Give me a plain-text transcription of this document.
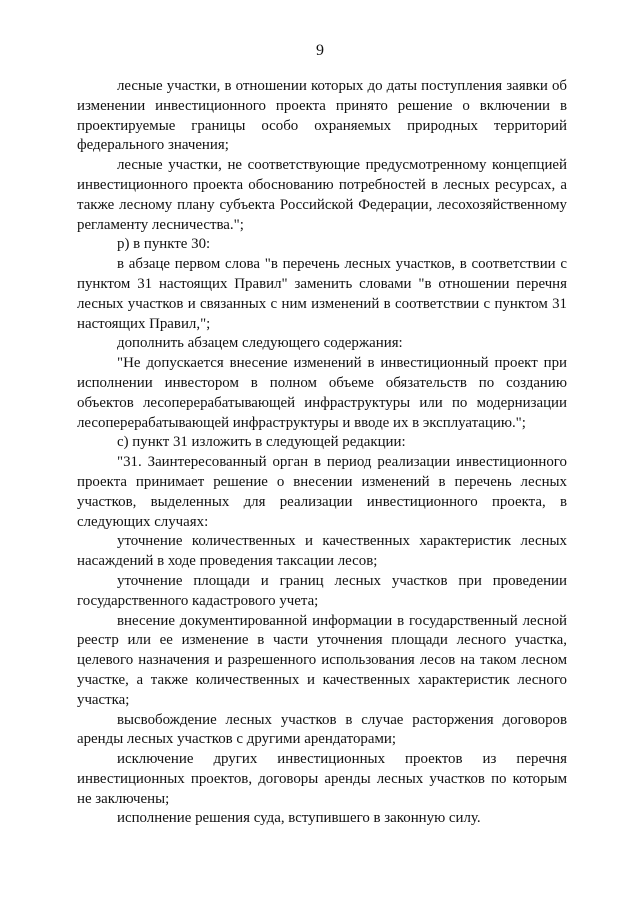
9

лесные участки, в отношении которых до даты поступления заявки об изменении инвестиционного проекта принято решение о включении в проектируемые границы особо охраняемых природных территорий федерального значения;

лесные участки, не соответствующие предусмотренному концепцией инвестиционного проекта обоснованию потребностей в лесных ресурсах, а также лесному плану субъекта Российской Федерации, лесохозяйственному регламенту лесничества.";

р) в пункте 30:

в абзаце первом слова "в перечень лесных участков, в соответствии с пунктом 31 настоящих Правил" заменить словами "в отношении перечня лесных участков и связанных с ним изменений в соответствии с пунктом 31 настоящих Правил,";

дополнить абзацем следующего содержания:

"Не допускается внесение изменений в инвестиционный проект при исполнении инвестором в полном объеме обязательств по созданию объектов лесоперерабатывающей инфраструктуры или по модернизации лесоперерабатывающей инфраструктуры и вводе их в эксплуатацию.";

с) пункт 31 изложить в следующей редакции:

"31. Заинтересованный орган в период реализации инвестиционного проекта принимает решение о внесении изменений в перечень лесных участков, выделенных для реализации инвестиционного проекта, в следующих случаях:

уточнение количественных и качественных характеристик лесных насаждений в ходе проведения таксации лесов;

уточнение площади и границ лесных участков при проведении государственного кадастрового учета;

внесение документированной информации в государственный лесной реестр или ее изменение в части уточнения площади лесного участка, целевого назначения и разрешенного использования лесов на таком лесном участке, а также количественных и качественных характеристик лесного участка;

высвобождение лесных участков в случае расторжения договоров аренды лесных участков с другими арендаторами;

исключение других инвестиционных проектов из перечня инвестиционных проектов, договоры аренды лесных участков по которым не заключены;

исполнение решения суда, вступившего в законную силу.
